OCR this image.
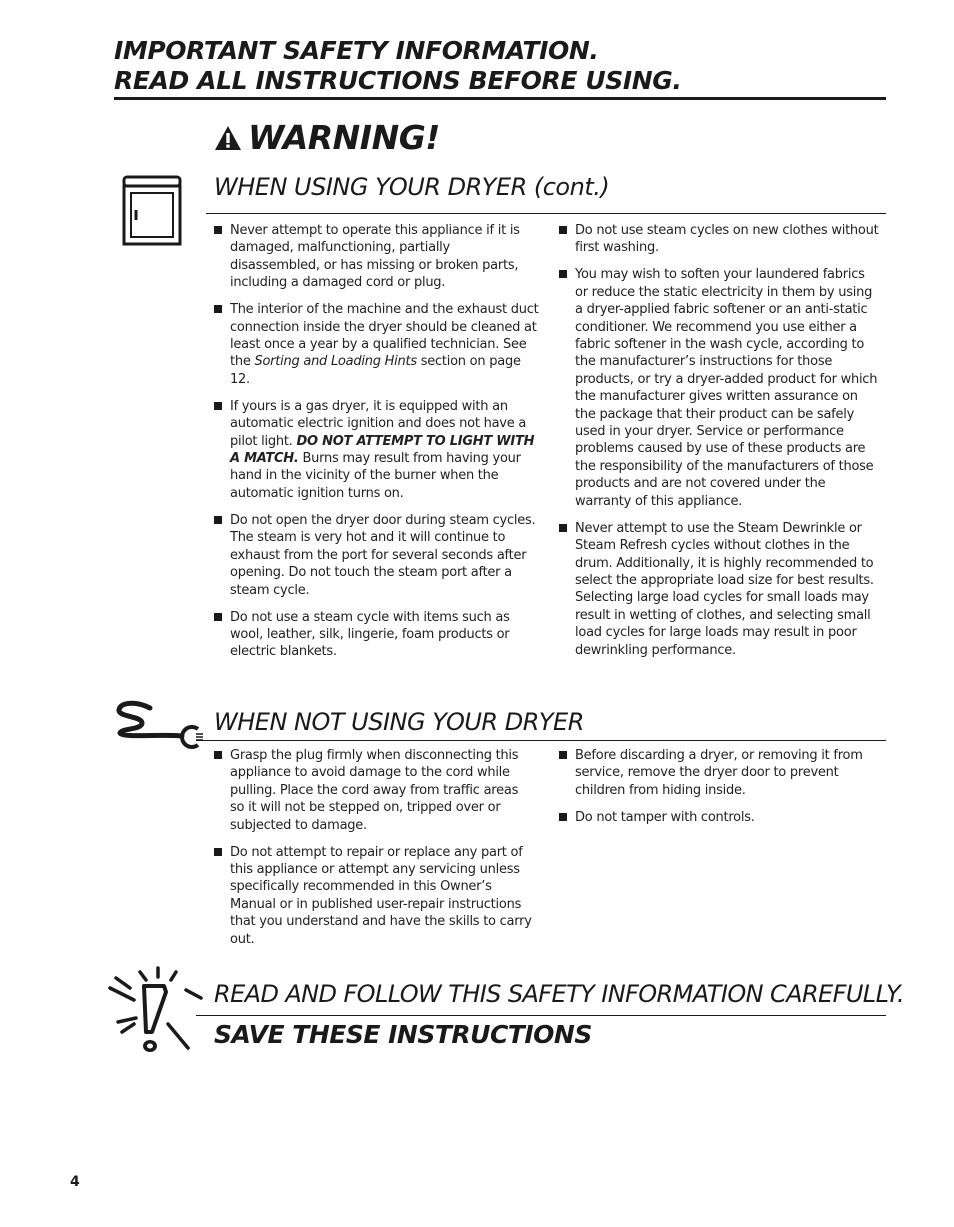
IMPORTANT SAFETY INFORMATION.
READ ALL INSTRUCTIONS BEFORE USING.
WARNING!
WHEN USING YOUR DRYER (cont.)
Never attempt to operate this appliance if it is damaged, malfunctioning, partially disassembled, or has missing or broken parts, including a damaged cord or plug.
The interior of the machine and the exhaust duct connection inside the dryer should be cleaned at least once a year by a qualified technician. See the Sorting and Loading Hints section on page 12.
If yours is a gas dryer, it is equipped with an automatic electric ignition and does not have a pilot light. DO NOT ATTEMPT TO LIGHT WITH A MATCH. Burns may result from having your hand in the vicinity of the burner when the automatic ignition turns on.
Do not open the dryer door during steam cycles. The steam is very hot and it will continue to exhaust from the port for several seconds after opening. Do not touch the steam port after a steam cycle.
Do not use a steam cycle with items such as wool, leather, silk, lingerie, foam products or electric blankets.
Do not use steam cycles on new clothes without first washing.
You may wish to soften your laundered fabrics or reduce the static electricity in them by using a dryer-applied fabric softener or an anti-static conditioner. We recommend you use either a fabric softener in the wash cycle, according to the manufacturer’s instructions for those products, or try a dryer-added product for which the manufacturer gives written assurance on the package that their product can be safely used in your dryer. Service or performance problems caused by use of these products are the responsibility of the manufacturers of those products and are not covered under the warranty of this appliance.
Never attempt to use the Steam Dewrinkle or Steam Refresh cycles without clothes in the drum. Additionally, it is highly recommended to select the appropriate load size for best results. Selecting large load cycles for small loads may result in wetting of clothes, and selecting small load cycles for large loads may result in poor dewrinkling performance.
WHEN NOT USING YOUR DRYER
Grasp the plug firmly when disconnecting this appliance to avoid damage to the cord while pulling. Place the cord away from traffic areas so it will not be stepped on, tripped over or subjected to damage.
Do not attempt to repair or replace any part of this appliance or attempt any servicing unless specifically recommended in this Owner’s Manual or in published user-repair instructions that you understand and have the skills to carry out.
Before discarding a dryer, or removing it from service, remove the dryer door to prevent children from hiding inside.
Do not tamper with controls.
READ AND FOLLOW THIS SAFETY INFORMATION CAREFULLY.
SAVE THESE INSTRUCTIONS
4
